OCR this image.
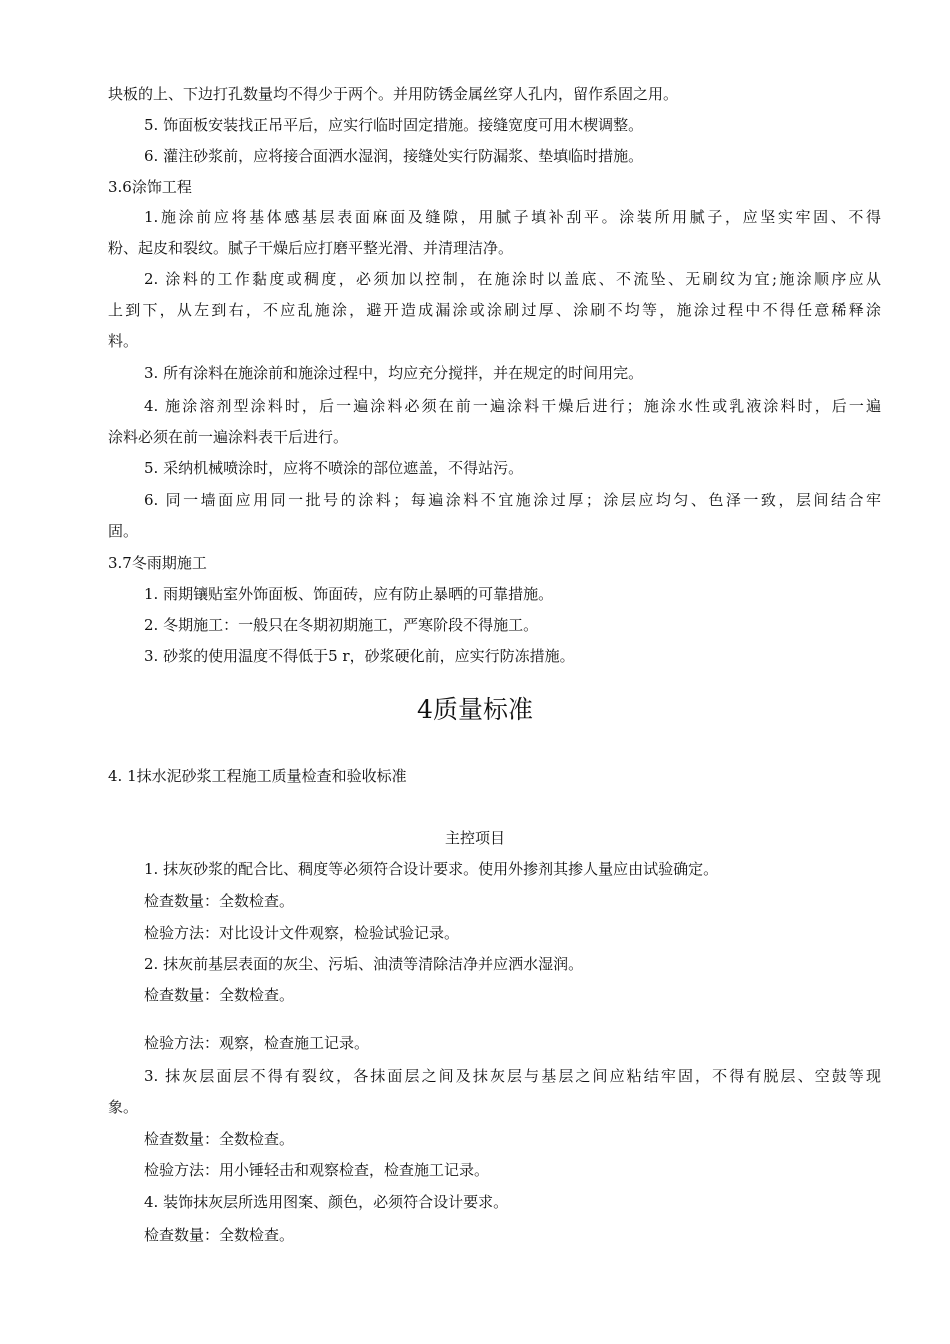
块板的上、下边打孔数量均不得少于两个。并用防锈金属丝穿人孔内，留作系固之用。
5. 饰面板安装找正吊平后，应实行临时固定措施。接缝宽度可用木楔调整。
6. 灌注砂浆前，应将接合面洒水湿润，接缝处实行防漏浆、垫填临时措施。
3.6涂饰工程
1.施涂前应将基体感基层表面麻面及缝隙，用腻子填补刮平。涂装所用腻子，应坚实牢固、不得
粉、起皮和裂纹。腻子干燥后应打磨平整光滑、并清理洁净。
2. 涂料的工作黏度或稠度，必须加以控制，在施涂时以盖底、不流坠、无刷纹为宜;施涂顺序应从
上到下，从左到右，不应乱施涂，避开造成漏涂或涂刷过厚、涂刷不均等，施涂过程中不得任意稀释涂
料。
3. 所有涂料在施涂前和施涂过程中，均应充分搅拌，并在规定的时间用完。
4. 施涂溶剂型涂料时，后一遍涂料必须在前一遍涂料干燥后进行；施涂水性或乳液涂料时，后一遍
涂料必须在前一遍涂料表干后进行。
5. 采纳机械喷涂时，应将不喷涂的部位遮盖，不得站污。
6. 同一墙面应用同一批号的涂料；每遍涂料不宜施涂过厚；涂层应均匀、色泽一致，层间结合牢
固。
3.7冬雨期施工
1. 雨期镶贴室外饰面板、饰面砖，应有防止暴晒的可靠措施。
2. 冬期施工：一般只在冬期初期施工，严寒阶段不得施工。
3. 砂浆的使用温度不得低于5 r，砂浆硬化前，应实行防冻措施。
4质量标准
4. 1抹水泥砂浆工程施工质量检查和验收标准
主控项目
1. 抹灰砂浆的配合比、稠度等必须符合设计要求。使用外掺剂其掺人量应由试验确定。
检查数量：全数检查。
检验方法：对比设计文件观察，检验试验记录。
2. 抹灰前基层表面的灰尘、污垢、油渍等清除洁净并应洒水湿润。
检查数量：全数检查。
检验方法：观察，检查施工记录。
3. 抹灰层面层不得有裂纹，各抹面层之间及抹灰层与基层之间应粘结牢固，不得有脱层、空鼓等现
象。
检查数量：全数检查。
检验方法：用小锤轻击和观察检查，检查施工记录。
4. 装饰抹灰层所选用图案、颜色，必须符合设计要求。
检查数量：全数检查。
